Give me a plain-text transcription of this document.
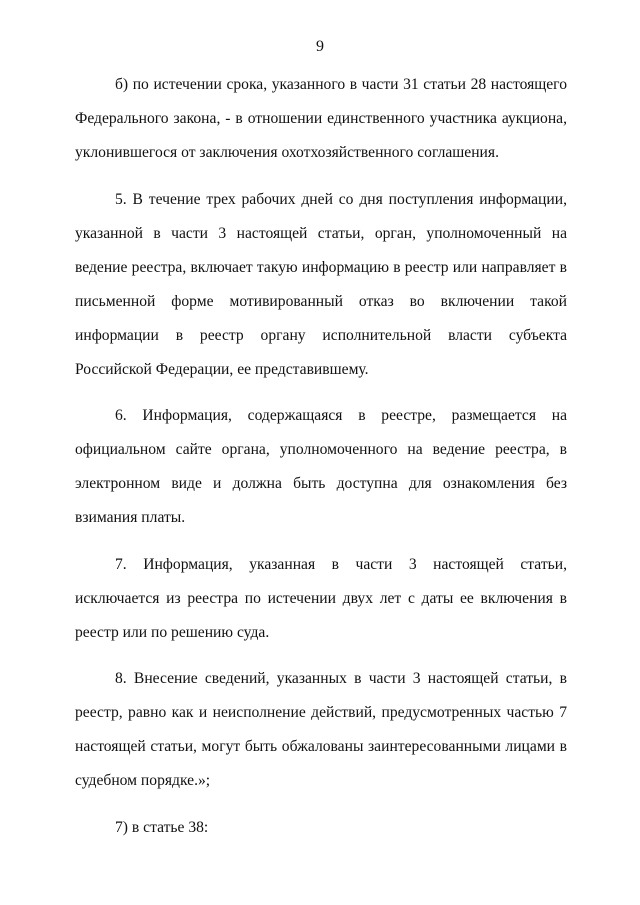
9

б) по истечении срока, указанного в части 31 статьи 28 настоящего Федерального закона, - в отношении единственного участника аукциона, уклонившегося от заключения охотхозяйственного соглашения.

5. В течение трех рабочих дней со дня поступления информации, указанной в части 3 настоящей статьи, орган, уполномоченный на ведение реестра, включает такую информацию в реестр или направляет в письменной форме мотивированный отказ во включении такой информации в реестр органу исполнительной власти субъекта Российской Федерации, ее представившему.

6. Информация, содержащаяся в реестре, размещается на официальном сайте органа, уполномоченного на ведение реестра, в электронном виде и должна быть доступна для ознакомления без взимания платы.

7. Информация, указанная в части 3 настоящей статьи, исключается из реестра по истечении двух лет с даты ее включения в реестр или по решению суда.

8. Внесение сведений, указанных в части 3 настоящей статьи, в реестр, равно как и неисполнение действий, предусмотренных частью 7 настоящей статьи, могут быть обжалованы заинтересованными лицами в судебном порядке.»;

7) в статье 38:
